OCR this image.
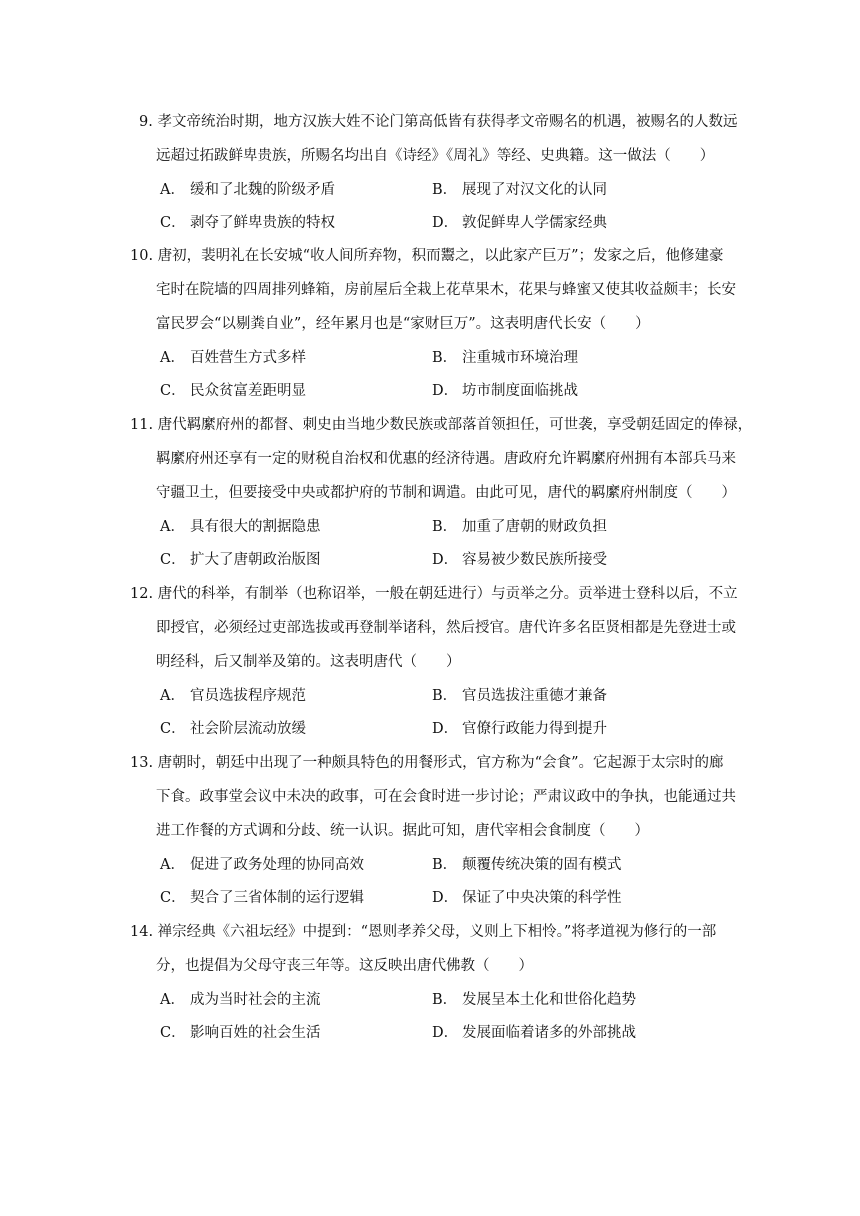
9. 孝文帝统治时期，地方汉族大姓不论门第高低皆有获得孝文帝赐名的机遇，被赐名的人数远
远超过拓跋鲜卑贵族，所赐名均出自《诗经》《周礼》等经、史典籍。这一做法（　　）
A． 缓和了北魏的阶级矛盾	B． 展现了对汉文化的认同
C． 剥夺了鲜卑贵族的特权	D． 敦促鲜卑人学儒家经典
10. 唐初，裴明礼在长安城“收人间所弃物，积而鬻之，以此家产巨万”；发家之后，他修建豪
宅时在院墙的四周排列蜂箱，房前屋后全栽上花草果木，花果与蜂蜜又使其收益颇丰；长安
富民罗会“以剔粪自业”，经年累月也是“家财巨万”。这表明唐代长安（　　）
A． 百姓营生方式多样	B． 注重城市环境治理
C． 民众贫富差距明显	D． 坊市制度面临挑战
11. 唐代羁縻府州的都督、刺史由当地少数民族或部落首领担任，可世袭，享受朝廷固定的俸禄，
羁縻府州还享有一定的财税自治权和优惠的经济待遇。唐政府允许羁縻府州拥有本部兵马来
守疆卫土，但要接受中央或都护府的节制和调遣。由此可见，唐代的羁縻府州制度（　　）
A． 具有很大的割据隐患	B． 加重了唐朝的财政负担
C． 扩大了唐朝政治版图	D． 容易被少数民族所接受
12. 唐代的科举，有制举（也称诏举，一般在朝廷进行）与贡举之分。贡举进士登科以后，不立
即授官，必须经过吏部选拔或再登制举诸科，然后授官。唐代许多名臣贤相都是先登进士或
明经科，后又制举及第的。这表明唐代（　　）
A． 官员选拔程序规范	B． 官员选拔注重德才兼备
C． 社会阶层流动放缓	D． 官僚行政能力得到提升
13. 唐朝时，朝廷中出现了一种颇具特色的用餐形式，官方称为“会食”。它起源于太宗时的廊
下食。政事堂会议中未决的政事，可在会食时进一步讨论；严肃议政中的争执，也能通过共
进工作餐的方式调和分歧、统一认识。据此可知，唐代宰相会食制度（　　）
A． 促进了政务处理的协同高效	B． 颠覆传统决策的固有模式
C． 契合了三省体制的运行逻辑	D． 保证了中央决策的科学性
14. 禅宗经典《六祖坛经》中提到：“恩则孝养父母，义则上下相怜。”将孝道视为修行的一部
分，也提倡为父母守丧三年等。这反映出唐代佛教（　　）
A． 成为当时社会的主流	B． 发展呈本土化和世俗化趋势
C． 影响百姓的社会生活	D． 发展面临着诸多的外部挑战
